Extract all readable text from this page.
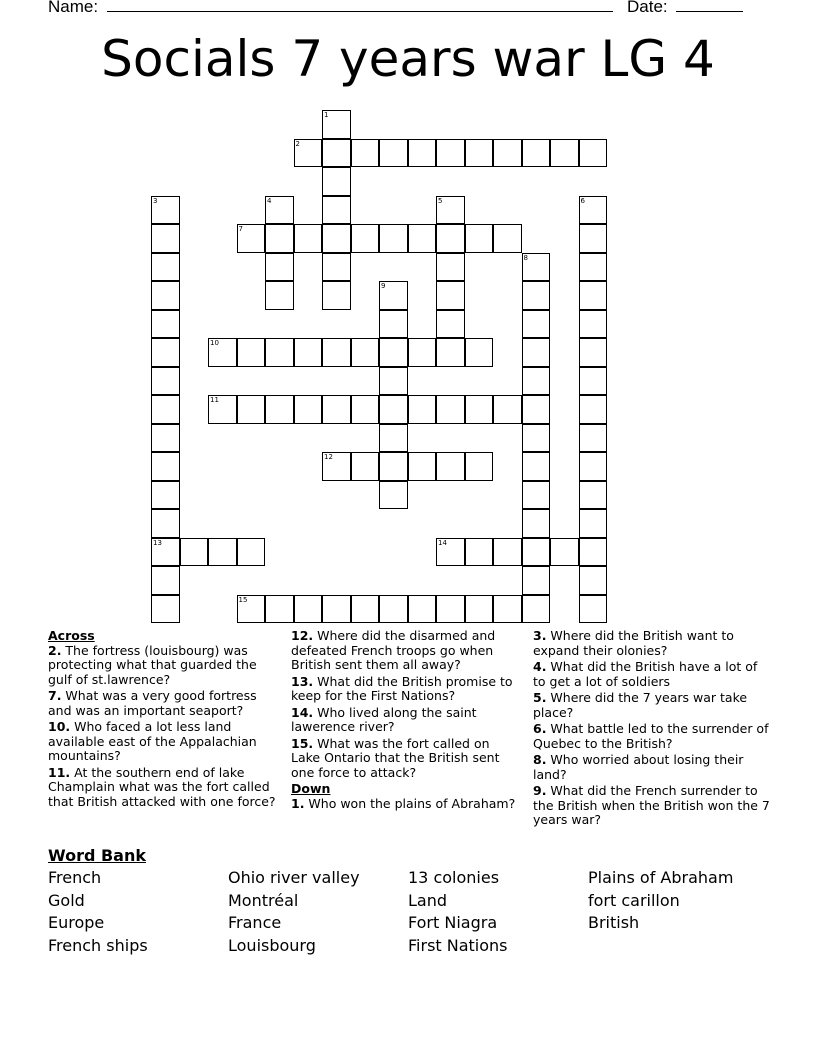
Name:	Date:
Socials 7 years war LG 4
2
7
10
11
12
13	14
15
1
3	4	5	6
8
9
Across
2. The fortress (louisbourg) was protecting what that guarded the gulf of st.lawrence?
7. What was a very good fortress and was an important seaport?
10. Who faced a lot less land available east of the Appalachian mountains?
11. At the southern end of lake Champlain what was the fort called that British attacked with one force?
12. Where did the disarmed and defeated French troops go when British sent them all away?
13. What did the British promise to keep for the First Nations?
14. Who lived along the saint lawerence river?
15. What was the fort called on Lake Ontario that the British sent one force to attack?
Down
1. Who won the plains of Abraham?
3. Where did the British want to expand their olonies?
4. What did the British have a lot of to get a lot of soldiers
5. Where did the 7 years war take place?
6. What battle led to the surrender of Quebec to the British?
8. Who worried about losing their land?
9. What did the French surrender to the British when the British won the 7 years war?
Word Bank
French
Gold
Europe
French ships
Ohio river valley
Montréal
France
Louisbourg
13 colonies
Land
Fort Niagra
First Nations
Plains of Abraham
fort carillon
British
